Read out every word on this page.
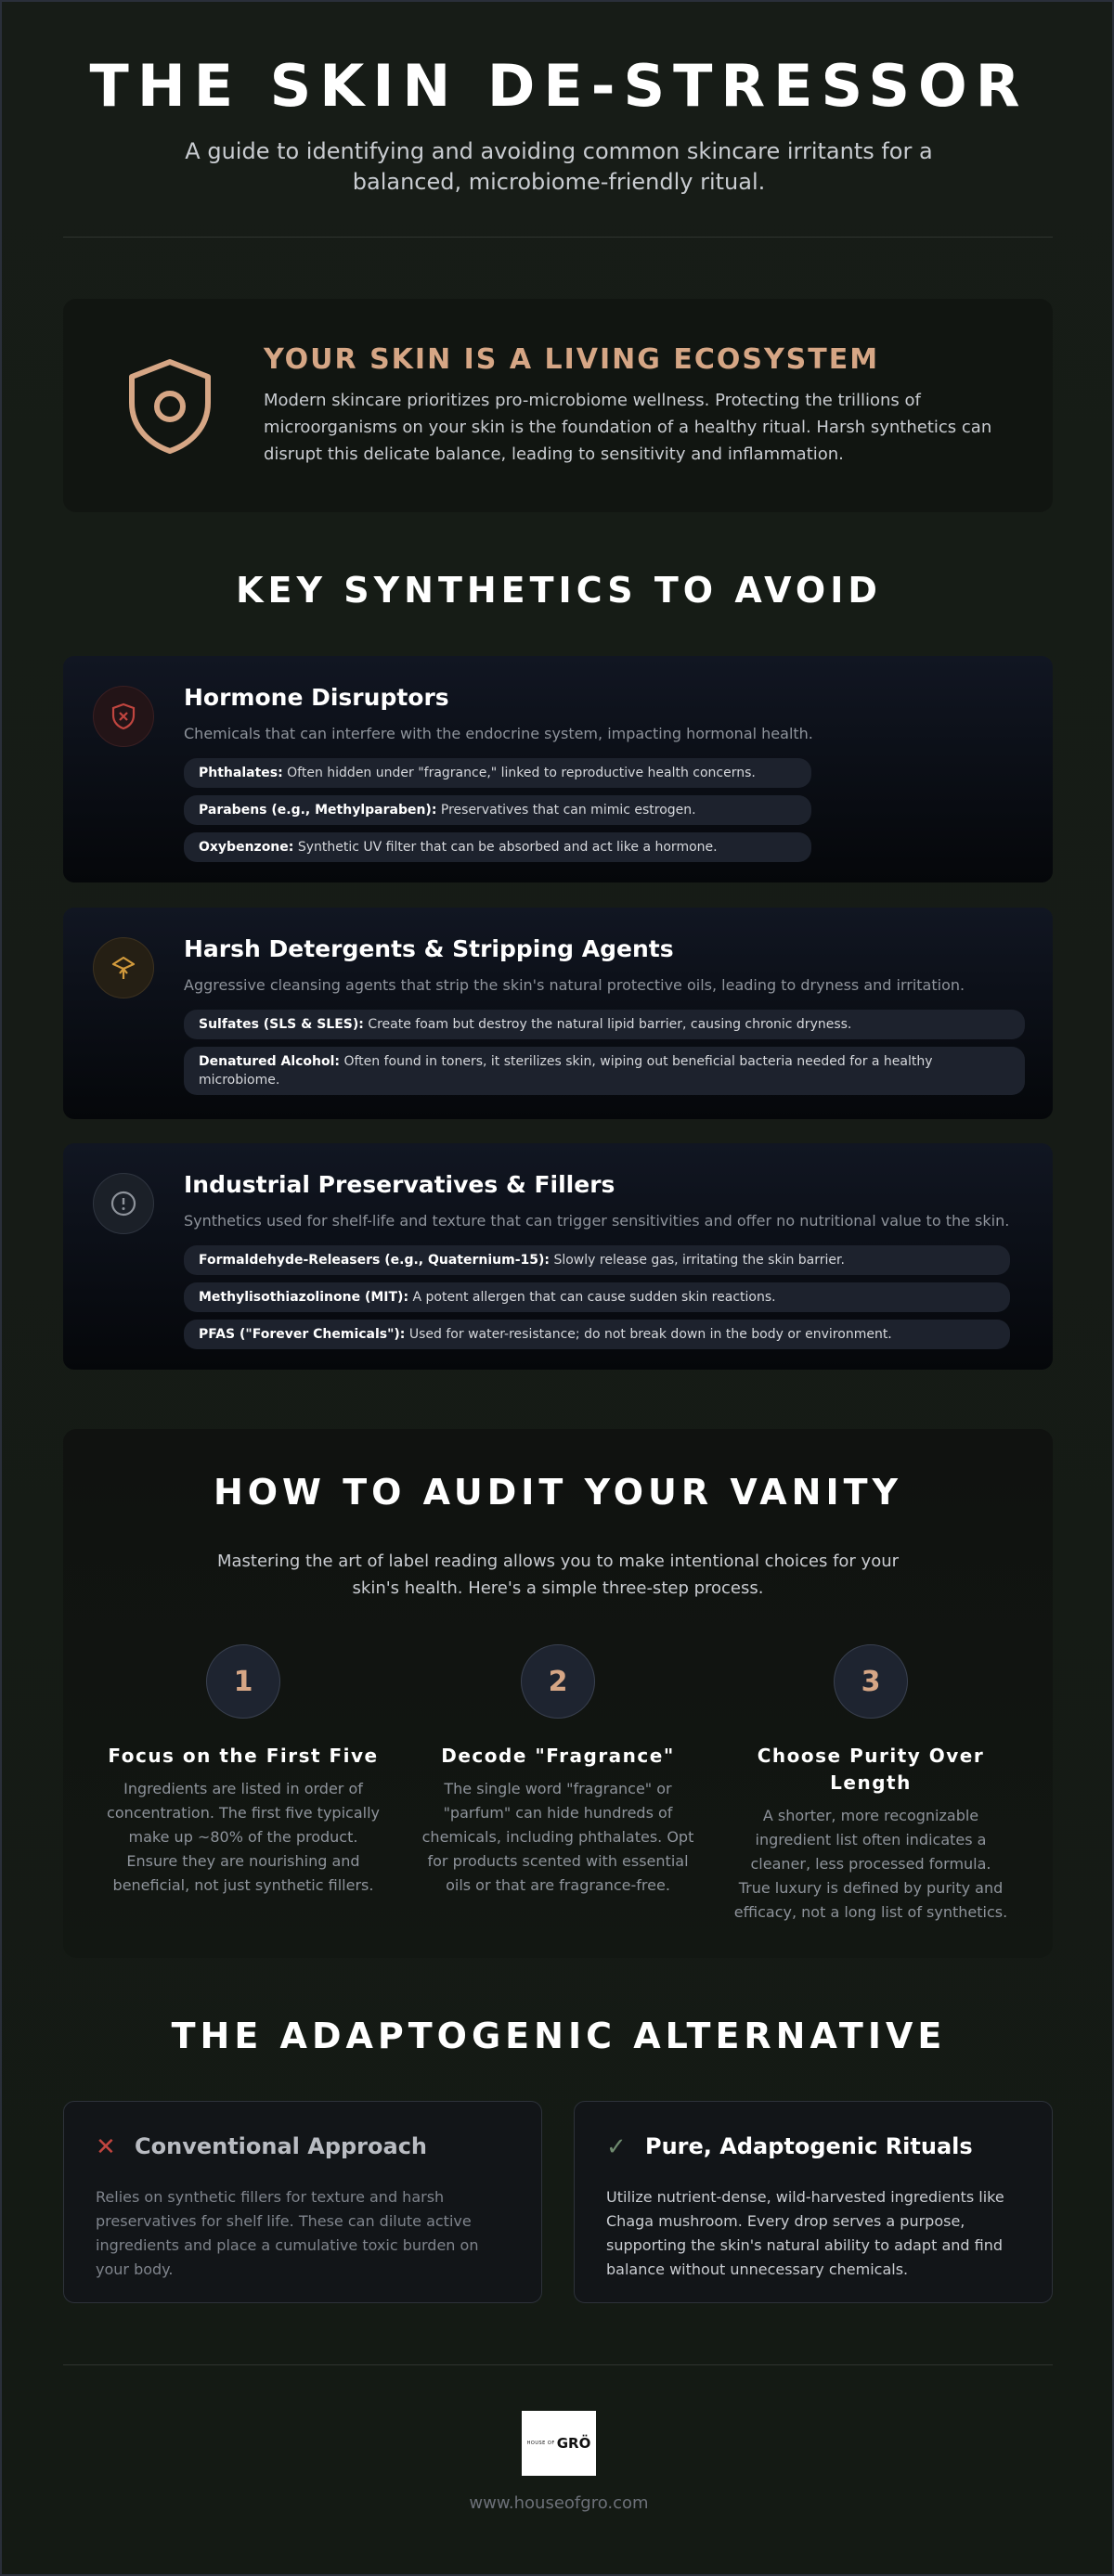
THE SKIN DE-STRESSOR

A guide to identifying and avoiding common skincare irritants for a balanced, microbiome-friendly ritual.

YOUR SKIN IS A LIVING ECOSYSTEM

Modern skincare prioritizes pro-microbiome wellness. Protecting the trillions of microorganisms on your skin is the foundation of a healthy ritual. Harsh synthetics can disrupt this delicate balance, leading to sensitivity and inflammation.

KEY SYNTHETICS TO AVOID
Hormone Disruptors
Chemicals that can interfere with the endocrine system, impacting hormonal health.
Phthalates: Often hidden under "fragrance," linked to reproductive health concerns.
Parabens (e.g., Methylparaben): Preservatives that can mimic estrogen.
Oxybenzone: Synthetic UV filter that can be absorbed and act like a hormone.
Harsh Detergents & Stripping Agents
Aggressive cleansing agents that strip the skin's natural protective oils, leading to dryness and irritation.
Sulfates (SLS & SLES): Create foam but destroy the natural lipid barrier, causing chronic dryness.
Denatured Alcohol: Often found in toners, it sterilizes skin, wiping out beneficial bacteria needed for a healthy microbiome.
Industrial Preservatives & Fillers
Synthetics used for shelf-life and texture that can trigger sensitivities and offer no nutritional value to the skin.
Formaldehyde-Releasers (e.g., Quaternium-15): Slowly release gas, irritating the skin barrier.
Methylisothiazolinone (MIT): A potent allergen that can cause sudden skin reactions.
PFAS ("Forever Chemicals"): Used for water-resistance; do not break down in the body or environment.
HOW TO AUDIT YOUR VANITY

Mastering the art of label reading allows you to make intentional choices for your skin's health. Here's a simple three-step process.

1
Focus on the First Five

Ingredients are listed in order of concentration. The first five typically make up ~80% of the product. Ensure they are nourishing and beneficial, not just synthetic fillers.

2
Decode "Fragrance"

The single word "fragrance" or "parfum" can hide hundreds of chemicals, including phthalates. Opt for products scented with essential oils or that are fragrance-free.

3
Choose Purity Over Length

A shorter, more recognizable ingredient list often indicates a cleaner, less processed formula. True luxury is defined by purity and efficacy, not a long list of synthetics.

THE ADAPTOGENIC ALTERNATIVE
✕ Conventional Approach

Relies on synthetic fillers for texture and harsh preservatives for shelf life. These can dilute active ingredients and place a cumulative toxic burden on your body.

✓ Pure, Adaptogenic Rituals

Utilize nutrient-dense, wild-harvested ingredients like Chaga mushroom. Every drop serves a purpose, supporting the skin's natural ability to adapt and find balance without unnecessary chemicals.

HOUSE OF GRÖ
www.houseofgro.com
